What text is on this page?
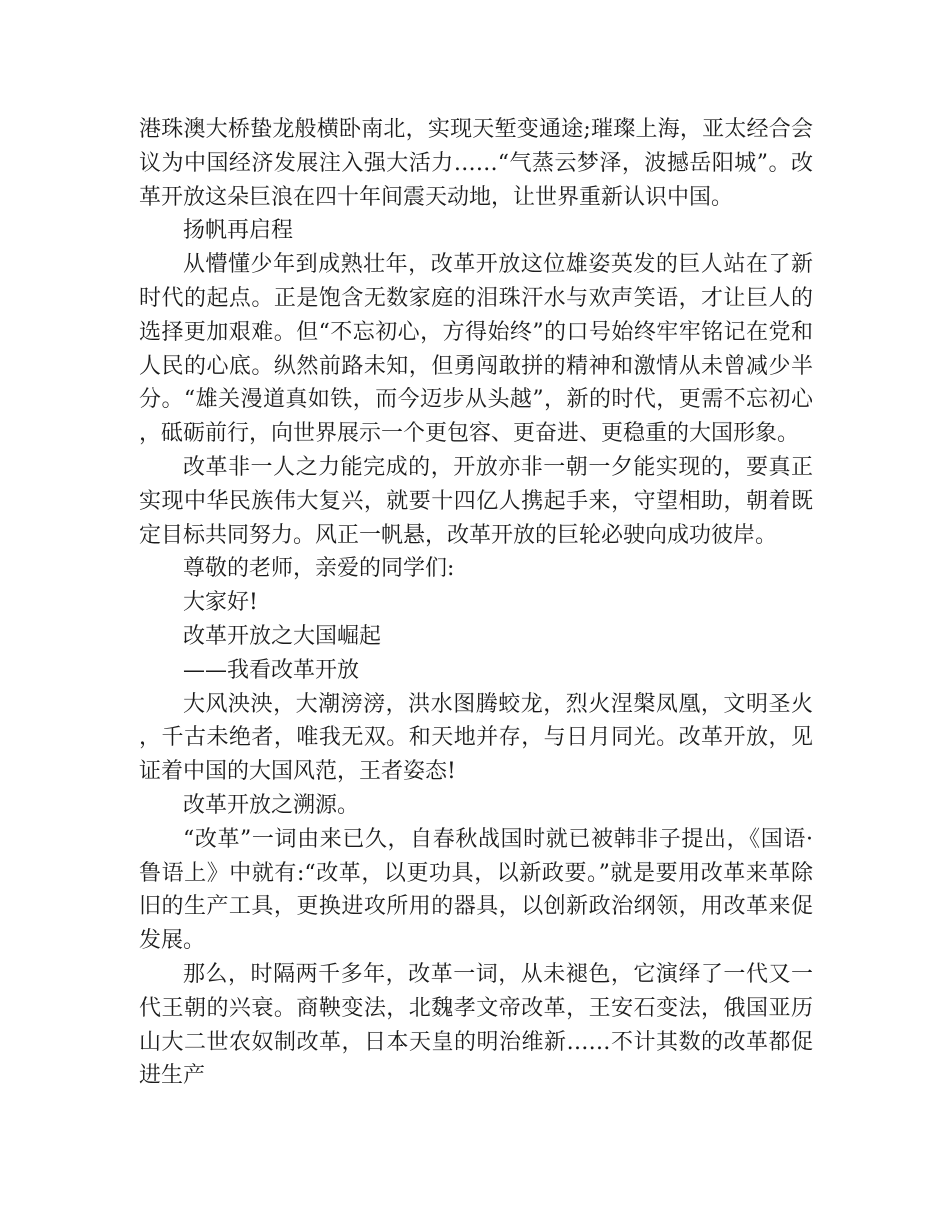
港珠澳大桥蛰龙般横卧南北，实现天堑变通途;璀璨上海，亚太经合会议为中国经济发展注入强大活力……“气蒸云梦泽，波撼岳阳城”。改革开放这朵巨浪在四十年间震天动地，让世界重新认识中国。

扬帆再启程

从懵懂少年到成熟壮年，改革开放这位雄姿英发的巨人站在了新时代的起点。正是饱含无数家庭的泪珠汗水与欢声笑语，才让巨人的选择更加艰难。但“不忘初心，方得始终”的口号始终牢牢铭记在党和人民的心底。纵然前路未知，但勇闯敢拼的精神和激情从未曾减少半分。“雄关漫道真如铁，而今迈步从头越”，新的时代，更需不忘初心，砥砺前行，向世界展示一个更包容、更奋进、更稳重的大国形象。

改革非一人之力能完成的，开放亦非一朝一夕能实现的，要真正实现中华民族伟大复兴，就要十四亿人携起手来，守望相助，朝着既定目标共同努力。风正一帆悬，改革开放的巨轮必驶向成功彼岸。

尊敬的老师，亲爱的同学们:

大家好!

改革开放之大国崛起

——我看改革开放

大风泱泱，大潮滂滂，洪水图腾蛟龙，烈火涅槃凤凰，文明圣火，千古未绝者，唯我无双。和天地并存，与日月同光。改革开放，见证着中国的大国风范，王者姿态!

改革开放之溯源。

“改革”一词由来已久，自春秋战国时就已被韩非子提出，《国语·鲁语上》中就有:“改革，以更功具，以新政要。”就是要用改革来革除旧的生产工具，更换进攻所用的器具，以创新政治纲领，用改革来促发展。

那么，时隔两千多年，改革一词，从未褪色，它演绎了一代又一代王朝的兴衰。商鞅变法，北魏孝文帝改革，王安石变法，俄国亚历山大二世农奴制改革，日本天皇的明治维新……不计其数的改革都促进生产
